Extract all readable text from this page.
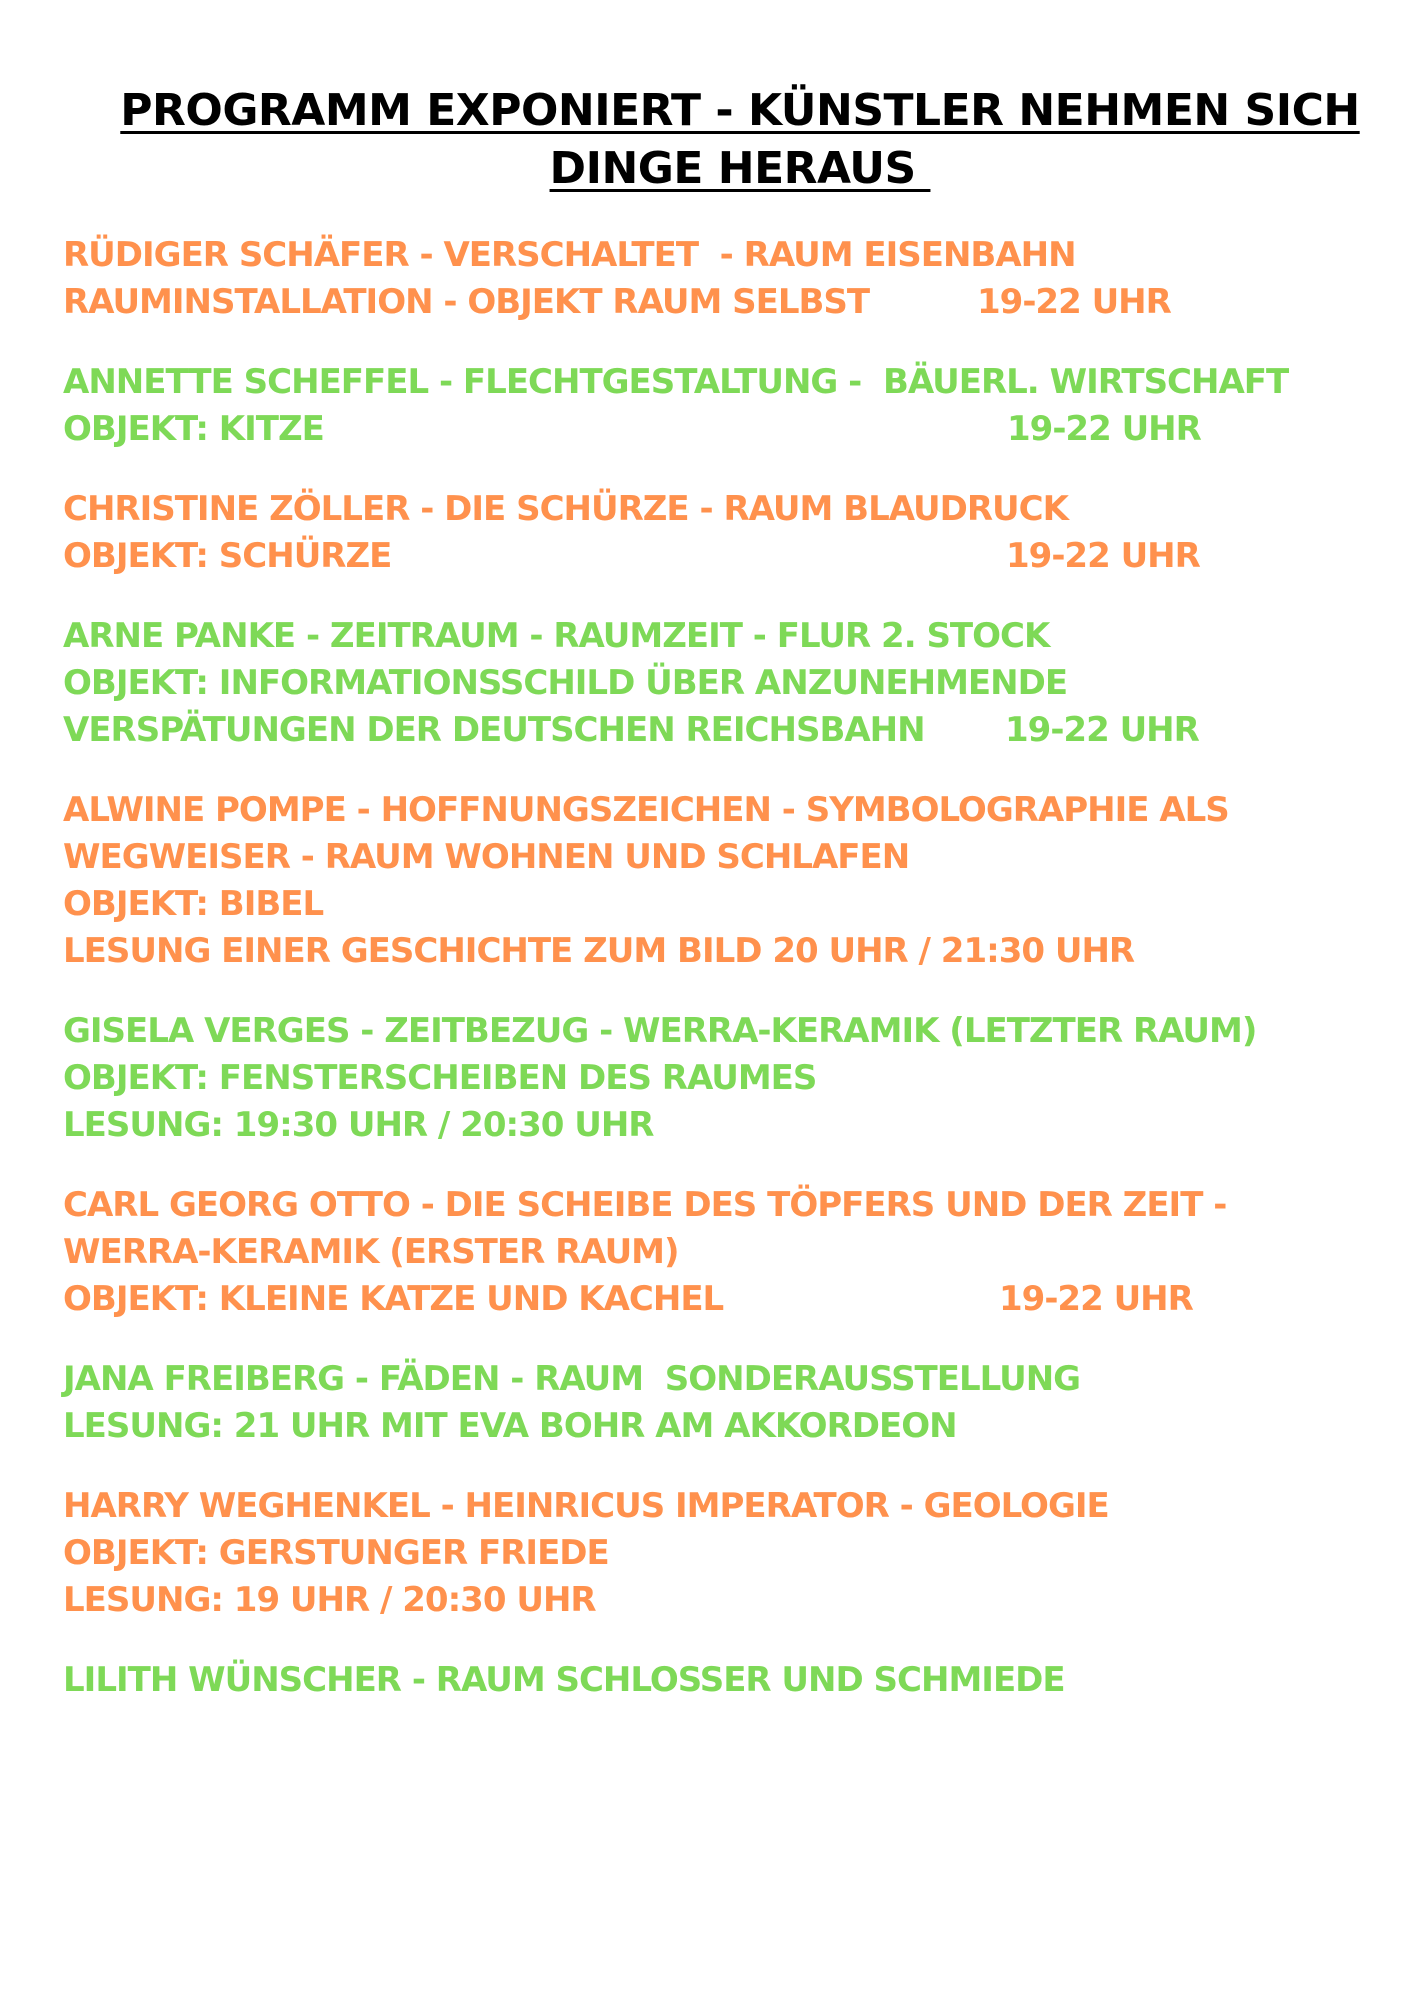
PROGRAMM EXPONIERT - KÜNSTLER NEHMEN SICH
DINGE HERAUS
RÜDIGER SCHÄFER - VERSCHALTET  - RAUM EISENBAHN
RAUMINSTALLATION - OBJEKT RAUM SELBST	19-22 UHR
ANNETTE SCHEFFEL - FLECHTGESTALTUNG -  BÄUERL. WIRTSCHAFT
OBJEKT: KITZE	19-22 UHR
CHRISTINE ZÖLLER - DIE SCHÜRZE - RAUM BLAUDRUCK
OBJEKT: SCHÜRZE	19-22 UHR
ARNE PANKE - ZEITRAUM - RAUMZEIT - FLUR 2. STOCK
OBJEKT: INFORMATIONSSCHILD ÜBER ANZUNEHMENDE
VERSPÄTUNGEN DER DEUTSCHEN REICHSBAHN 19-22 UHR
ALWINE POMPE - HOFFNUNGSZEICHEN - SYMBOLOGRAPHIE ALS
WEGWEISER - RAUM WOHNEN UND SCHLAFEN
OBJEKT: BIBEL
LESUNG EINER GESCHICHTE ZUM BILD 20 UHR / 21:30 UHR
GISELA VERGES - ZEITBEZUG - WERRA-KERAMIK (LETZTER RAUM)
OBJEKT: FENSTERSCHEIBEN DES RAUMES
LESUNG: 19:30 UHR / 20:30 UHR
CARL GEORG OTTO - DIE SCHEIBE DES TÖPFERS UND DER ZEIT -
WERRA-KERAMIK (ERSTER RAUM)
OBJEKT: KLEINE KATZE UND KACHEL	19-22 UHR
JANA FREIBERG - FÄDEN - RAUM  SONDERAUSSTELLUNG
LESUNG: 21 UHR MIT EVA BOHR AM AKKORDEON
HARRY WEGHENKEL - HEINRICUS IMPERATOR - GEOLOGIE
OBJEKT: GERSTUNGER FRIEDE
LESUNG: 19 UHR / 20:30 UHR
LILITH WÜNSCHER - RAUM SCHLOSSER UND SCHMIEDE
